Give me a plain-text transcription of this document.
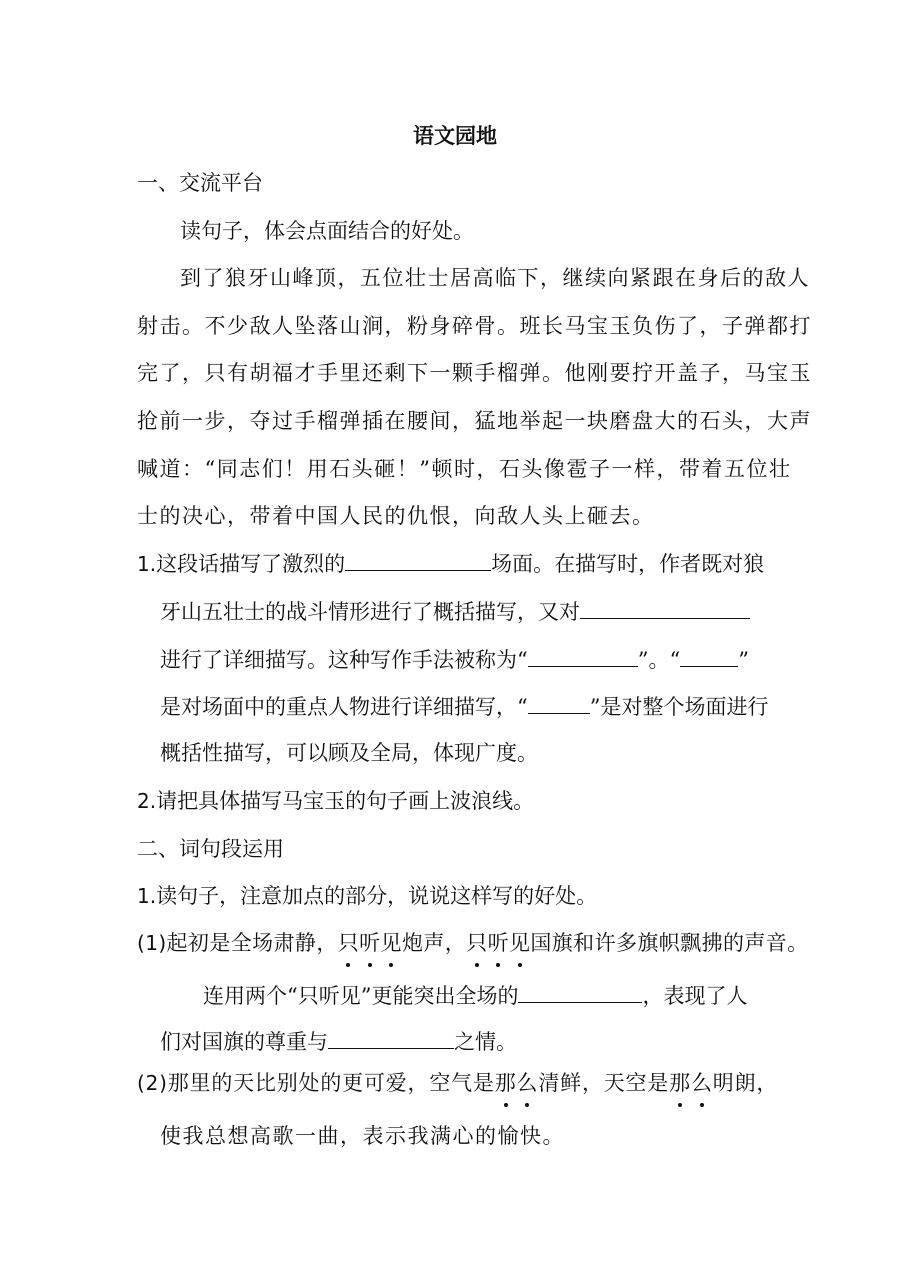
语文园地
一、交流平台
读句子，体会点面结合的好处。
到了狼牙山峰顶，五位壮士居高临下，继续向紧跟在身后的敌人
射击。不少敌人坠落山涧，粉身碎骨。班长马宝玉负伤了，子弹都打
完了，只有胡福才手里还剩下一颗手榴弹。他刚要拧开盖子，马宝玉
抢前一步，夺过手榴弹插在腰间，猛地举起一块磨盘大的石头，大声
喊道：“同志们！用石头砸！”顿时，石头像雹子一样，带着五位壮
士的决心，带着中国人民的仇恨，向敌人头上砸去。
1.这段话描写了激烈的	场面。在描写时，作者既对狼
牙山五壮士的战斗情形进行了概括描写，又对
进行了详细描写。这种写作手法被称为“	”。“	”
是对场面中的重点人物进行详细描写，“	”是对整个场面进行
概括性描写，可以顾及全局，体现广度。
2.请把具体描写马宝玉的句子画上波浪线。
二、词句段运用
1.读句子，注意加点的部分，说说这样写的好处。
(1)起初是全场肃静，只听见炮声，只听见国旗和许多旗帜飘拂的声音。
连用两个“只听见”更能突出全场的	，表现了人
们对国旗的尊重与	之情。
(2)那里的天比别处的更可爱，空气是那么清鲜，天空是那么明朗，
使我总想高歌一曲，表示我满心的愉快。
